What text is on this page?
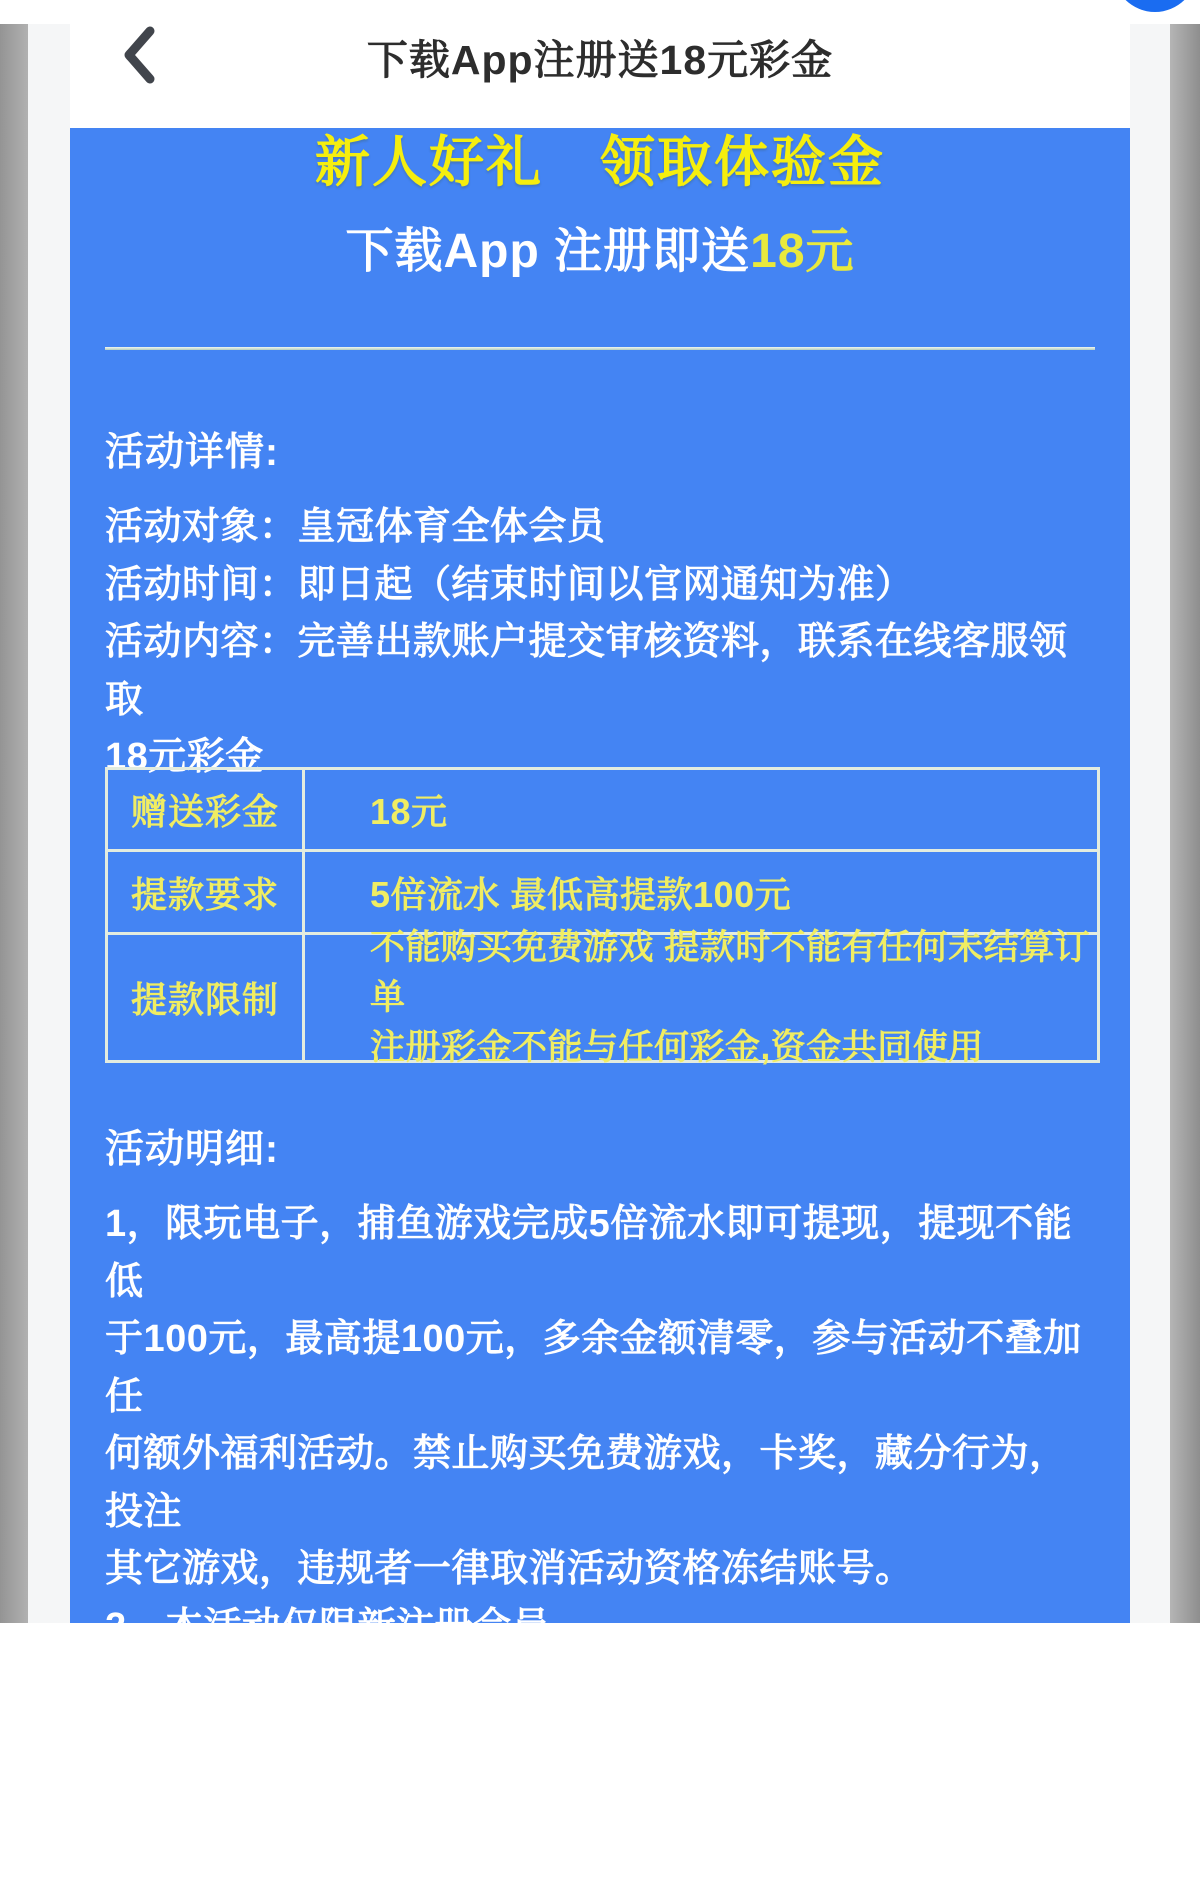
下载App注册送18元彩金
新人好礼　领取体验金
下载App 注册即送18元
活动详情:
活动对象：皇冠体育全体会员
活动时间：即日起（结束时间以官网通知为准）
活动内容：完善出款账户提交审核资料，联系在线客服领取
18元彩金
赠送彩金	18元
提款要求	5倍流水 最低高提款100元
提款限制
不能购买免费游戏 提款时不能有任何未结算订单
注册彩金不能与任何彩金,资金共同使用
活动明细:
1，限玩电子，捕鱼游戏完成5倍流水即可提现，提现不能低
于100元，最高提100元，多余金额清零，参与活动不叠加任
何额外福利活动。禁止购买免费游戏，卡奖，藏分行为，投注
其它游戏，违规者一律取消活动资格冻结账号。
2，本活动仅限新注册会员。
3，每日申请名额仅限88名，按申请顺序派发，当月派完即
止。
4，新会员请在注册24小时内申请，在使后不可申请，逾期视
